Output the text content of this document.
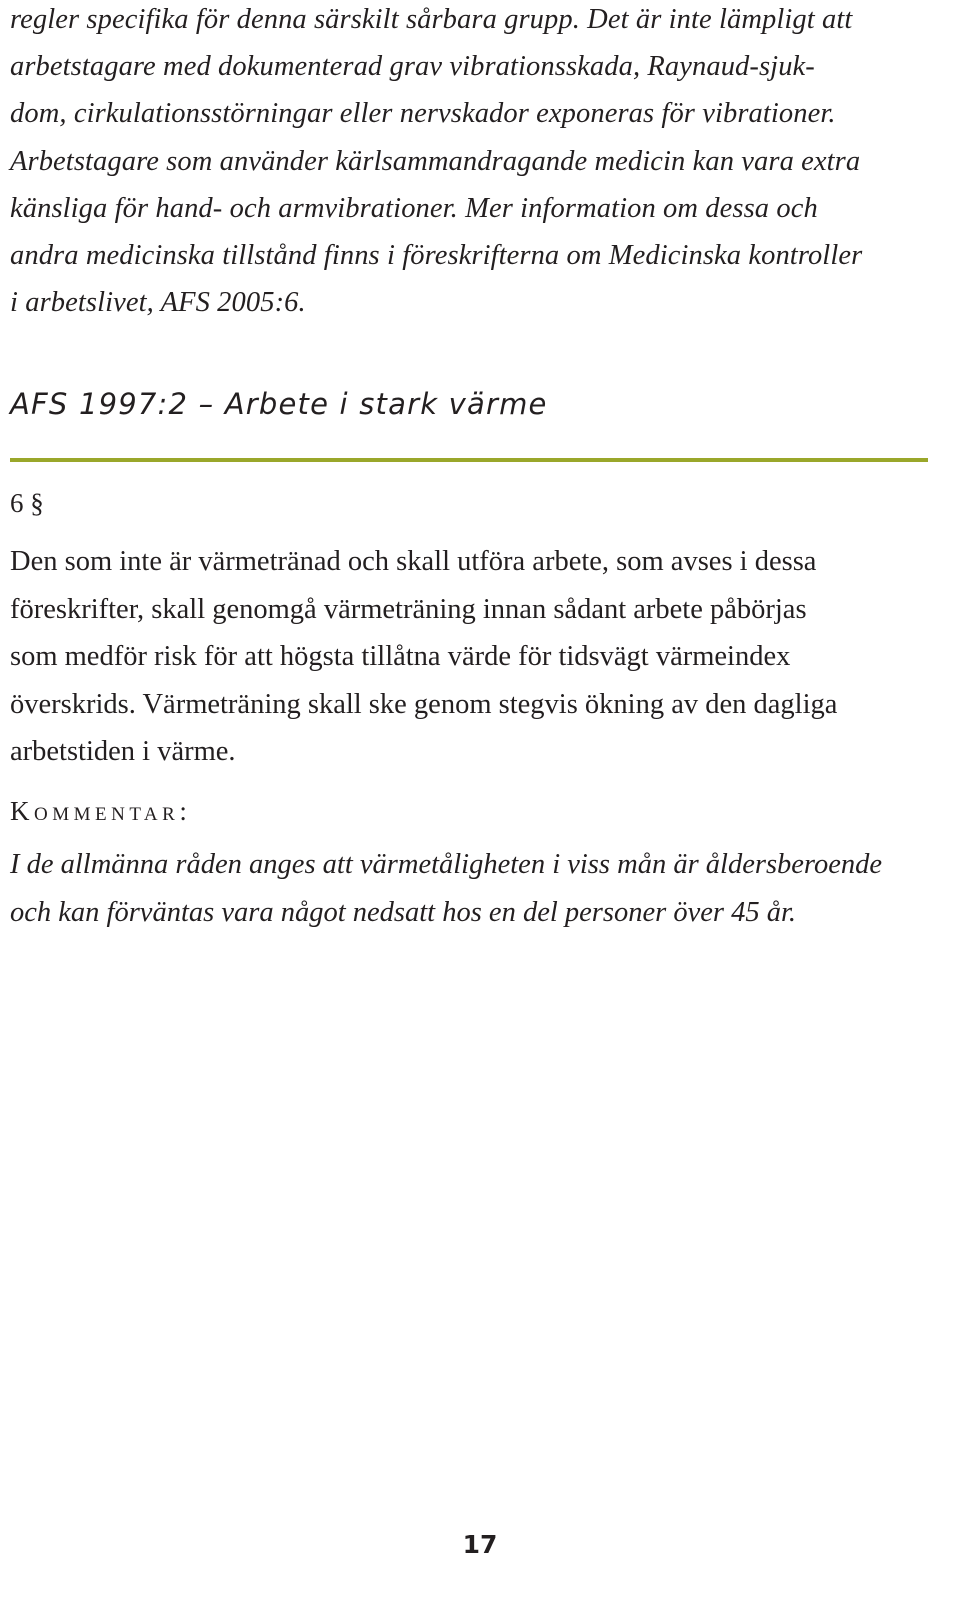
regler specifika för denna särskilt sårbara grupp. Det är inte lämpligt att
arbetstagare med dokumenterad grav vibrationsskada, Raynaud-sjuk-
dom, cirkulationsstörningar eller nervskador exponeras för vibrationer.
Arbetstagare som använder kärlsammandragande medicin kan vara extra
känsliga för hand- och armvibrationer. Mer information om dessa och
andra medicinska tillstånd finns i föreskrifterna om Medicinska kontroller
i arbetslivet, AFS 2005:6.

AFS 1997:2 – Arbete i stark värme
6 §

Den som inte är värmetränad och skall utföra arbete, som avses i dessa
föreskrifter, skall genomgå värmeträning innan sådant arbete påbörjas
som medför risk för att högsta tillåtna värde för tidsvägt värmeindex
överskrids. Värmeträning skall ske genom stegvis ökning av den dagliga
arbetstiden i värme.

Kommentar:

I de allmänna råden anges att värmetåligheten i viss mån är åldersberoende
och kan förväntas vara något nedsatt hos en del personer över 45 år.

17
